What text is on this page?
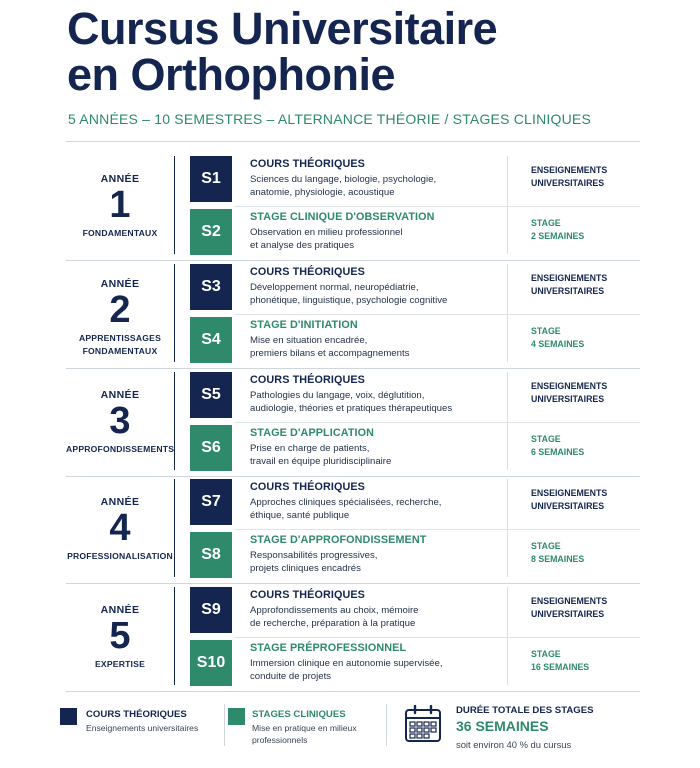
Cursus Universitaire
en Orthophonie
5 ANNÉES – 10 SEMESTRES – ALTERNANCE THÉORIE / STAGES CLINIQUES
ANNÉE
1
FONDAMENTAUX
S1
COURS THÉORIQUES
Sciences du langage, biologie, psychologie,
anatomie, physiologie, acoustique
ENSEIGNEMENTS
UNIVERSITAIRES
S2
STAGE CLINIQUE D'OBSERVATION
Observation en milieu professionnel
et analyse des pratiques
STAGE
2 SEMAINES
ANNÉE
2
APPRENTISSAGES
FONDAMENTAUX
S3
COURS THÉORIQUES
Développement normal, neuropédiatrie,
phonétique, linguistique, psychologie cognitive
ENSEIGNEMENTS
UNIVERSITAIRES
S4
STAGE D'INITIATION
Mise en situation encadrée,
premiers bilans et accompagnements
STAGE
4 SEMAINES
ANNÉE
3
APPROFONDISSEMENTS
S5
COURS THÉORIQUES
Pathologies du langage, voix, déglutition,
audiologie, théories et pratiques thérapeutiques
ENSEIGNEMENTS
UNIVERSITAIRES
S6
STAGE D'APPLICATION
Prise en charge de patients,
travail en équipe pluridisciplinaire
STAGE
6 SEMAINES
ANNÉE
4
PROFESSIONALISATION
S7
COURS THÉORIQUES
Approches cliniques spécialisées, recherche,
éthique, santé publique
ENSEIGNEMENTS
UNIVERSITAIRES
S8
STAGE D'APPROFONDISSEMENT
Responsabilités progressives,
projets cliniques encadrés
STAGE
8 SEMAINES
ANNÉE
5
EXPERTISE
S9
COURS THÉORIQUES
Approfondissements au choix, mémoire
de recherche, préparation à la pratique
ENSEIGNEMENTS
UNIVERSITAIRES
S10
STAGE PRÉPROFESSIONNEL
Immersion clinique en autonomie supervisée,
conduite de projets
STAGE
16 SEMAINES
COURS THÉORIQUES
Enseignements universitaires
STAGES CLINIQUES
Mise en pratique en milieux
professionnels
DURÉE TOTALE DES STAGES
36 SEMAINES
soit environ 40 % du cursus
